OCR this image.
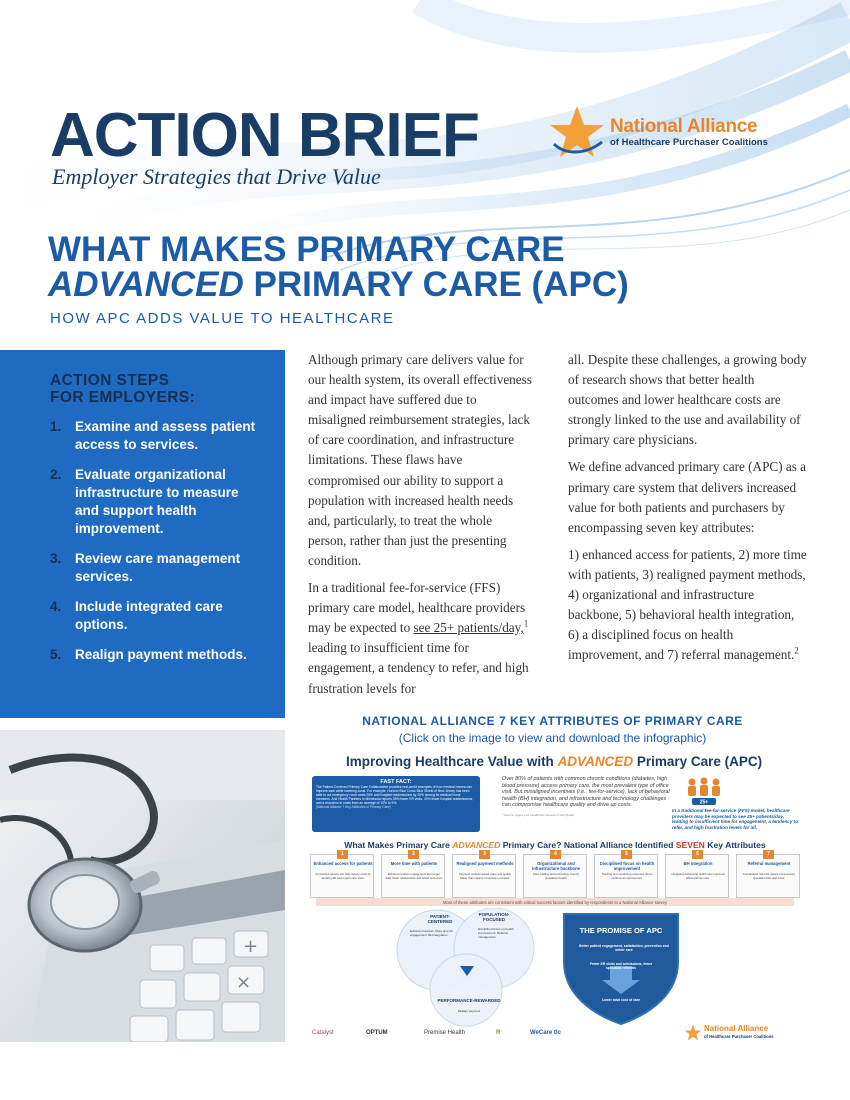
ACTION BRIEF
Employer Strategies that Drive Value
National Alliance
of Healthcare Purchaser Coalitions
WHAT MAKES PRIMARY CARE
ADVANCED PRIMARY CARE (APC)
HOW APC ADDS VALUE TO HEALTHCARE
ACTION STEPS
FOR EMPLOYERS:
1. Examine and assess patient access to services.
2. Evaluate organizational infrastructure to measure and support health improvement.
3. Review care management services.
4. Include integrated care options.
5. Realign payment methods.

Although primary care delivers value for our health system, its overall effectiveness and impact have suffered due to misaligned reimbursement strategies, lack of care coordination, and infrastructure limitations. These flaws have compromised our ability to support a population with increased health needs and, particularly, to treat the whole person, rather than just the presenting condition.

In a traditional fee-for-service (FFS) primary care model, healthcare providers may be expected to see 25+ patients/day,$^1$ leading to insufficient time for engagement, a tendency to refer, and high frustration levels for

all. Despite these challenges, a growing body of research shows that better health outcomes and lower healthcare costs are strongly linked to the use and availability of primary care physicians.

We define advanced primary care (APC) as a primary care system that delivers increased value for both patients and purchasers by encompassing seven key attributes:

1) enhanced access for patients, 2) more time with patients, 3) realigned payment methods, 4) organizational and infrastructure backbone, 5) behavioral health integration, 6) a disciplined focus on health improvement, and 7) referral management.$^2$

×
+
NATIONAL ALLIANCE 7 KEY ATTRIBUTES OF PRIMARY CARE
(Click on the image to view and download the infographic)
Improving Healthcare Value with ADVANCED Primary Care (APC)
FAST FACT:
The Patient-Centered Primary Care Collaborative provides real-world examples of how medical homes can improve care while lowering costs. For example, Horizon Blue Cross Blue Shield of New Jersey has been able to cut emergency room costs 26% and hospital readmissions by 25% among its medical home members. And Health Partners in Minnesota reports 39% fewer ER visits, 40% fewer hospital readmissions, and a reduction in costs from an average of 10% to 5%.
(National Alliance 7 Key Attributes of Primary Care)
Over 80% of patients with common chronic conditions (diabetes, high blood pressure) access primary care, the most prevalent type of office visit. But misaligned incentives (i.e., fee-for-service), lack of behavioral health (BH) integration, and infrastructure and technology challenges can compromise healthcare quality and drive up costs.
* Source: Agency for Healthcare Research and Quality
25+
In a traditional fee-for-service (FFS) model, healthcare providers may be expected to see 25+ patients/day, leading to insufficient time for engagement, a tendency to refer, and high frustration levels for all.
What Makes Primary Care ADVANCED Primary Care? National Alliance Identified SEVEN Key Attributes
1
Enhanced access for patients
Convenient access can help reduce costs by avoiding ER and urgent care visits.
2
More time with patients
Enhanced patient engagement and longer visits foster relationships and better outcomes.
3
Realigned payment methods
Payment models reward value and quality rather than volume of services provided.
4
Organizational and infrastructure backbone
Data, staffing and technology support population health.
5
Disciplined focus on health improvement
Tracking and measuring outcomes drives continuous improvement.
6
BH integration
Integrating behavioral health care improves whole-person care.
7
Referral management
Coordinated referrals reduce unnecessary specialist visits and costs.
Most of these attributes are consistent with critical success factors identified by respondents to a National Alliance survey
PATIENT-CENTERED
POPULATION-FOCUSED
PERFORMANCE-REWARDED
Enhanced access; More time for engagement; BH integration
Disciplined focus on health improvement; Referral management
Realign payment
THE PROMISE OF APC
Better patient engagement, satisfaction, prevention and better care
Fewer ER visits and admissions, fewer specialist referrals
Lower total cost of care
Catalyst	OPTUM	Premise Health	R	WeCare tlc	National Alliance
of Healthcare Purchaser Coalitions
